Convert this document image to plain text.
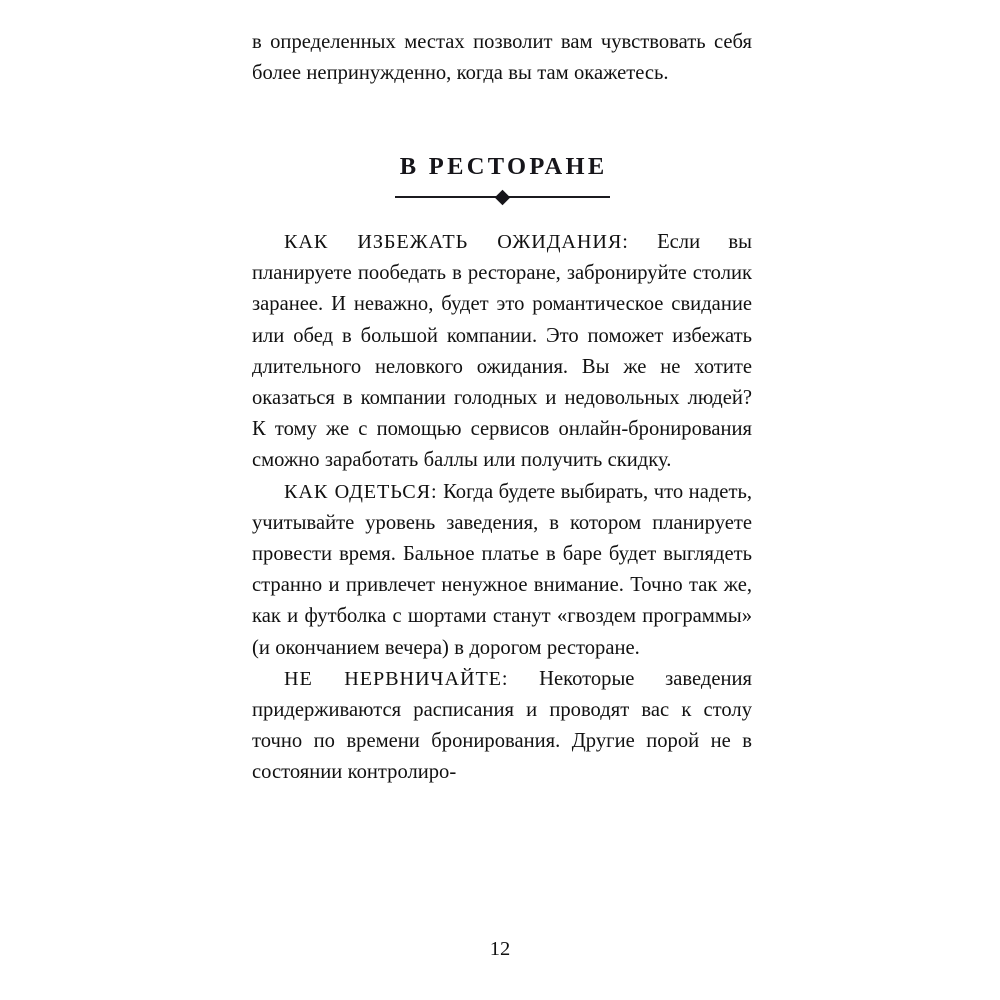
в определенных местах позволит вам чувствовать себя более непринужденно, когда вы там окажетесь.

В РЕСТОРАНЕ

КАК ИЗБЕЖАТЬ ОЖИДАНИЯ: Если вы планируете пообедать в ресторане, забронируйте столик заранее. И неважно, будет это романтическое свидание или обед в большой компании. Это поможет избежать длительного неловкого ожидания. Вы же не хотите оказаться в компании голодных и недовольных людей? К тому же с помощью сервисов онлайн-бронирования сможно заработать баллы или получить скидку.

КАК ОДЕТЬСЯ: Когда будете выбирать, что надеть, учитывайте уровень заведения, в котором планируете провести время. Бальное платье в баре будет выглядеть странно и привлечет ненужное внимание. Точно так же, как и футболка с шортами станут «гвоздем программы» (и окончанием вечера) в дорогом ресторане.

НЕ НЕРВНИЧАЙТЕ: Некоторые заведения придерживаются расписания и проводят вас к столу точно по времени бронирования. Другие порой не в состоянии контролиро-

12
